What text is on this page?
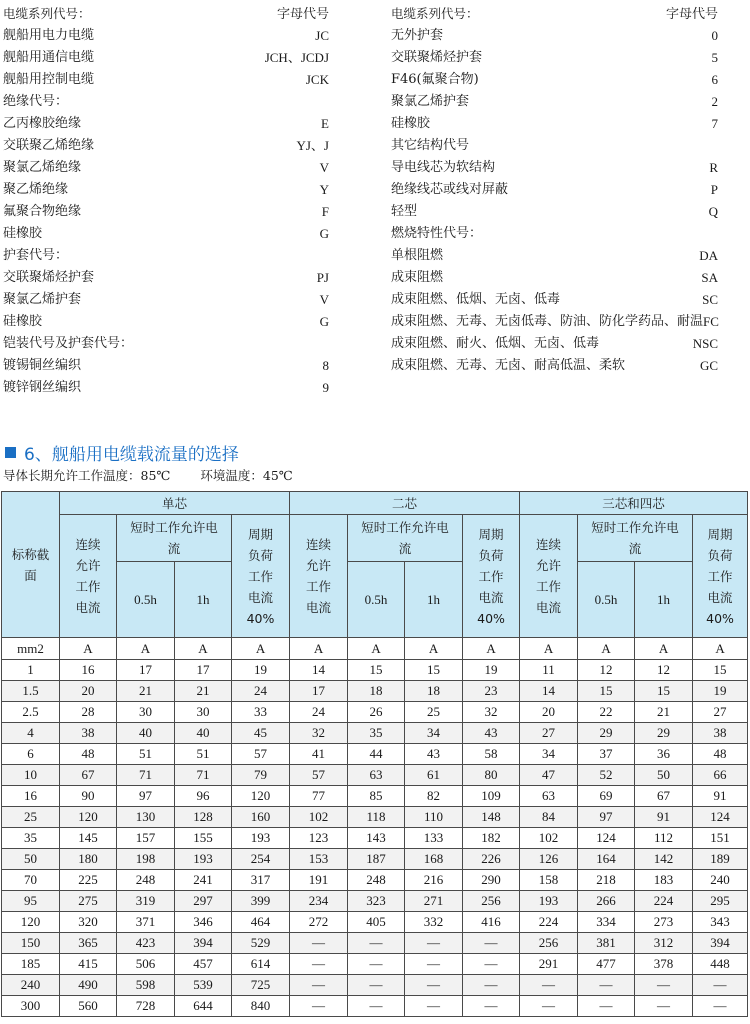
电缆系列代号：	字母代号
舰船用电力电缆	JC
舰船用通信电缆	JCH、JCDJ
舰船用控制电缆	JCK
绝缘代号：
乙丙橡胶绝缘	E
交联聚乙烯绝缘	YJ、J
聚氯乙烯绝缘	V
聚乙烯绝缘	Y
氟聚合物绝缘	F
硅橡胶	G
护套代号：
交联聚烯烃护套	PJ
聚氯乙烯护套	V
硅橡胶	G
铠装代号及护套代号：
镀锡铜丝编织	8
镀锌钢丝编织	9
电缆系列代号：	字母代号
无外护套	0
交联聚烯烃护套	5
F46(氟聚合物)	6
聚氯乙烯护套	2
硅橡胶	7
其它结构代号
导电线芯为软结构	R
绝缘线芯或线对屏蔽	P
轻型	Q
燃烧特性代号：
单根阻燃	DA
成束阻燃	SA
成束阻燃、低烟、无卤、低毒	SC
成束阻燃、无毒、无卤低毒、防油、防化学药品、耐温 FC
成束阻燃、耐火、低烟、无卤、低毒	NSC
成束阻燃、无毒、无卤、耐高低温、柔软	GC
6、舰船用电缆载流量的选择
导体长期允许工作温度：85℃ 环境温度：45℃
标称截面	单芯				二芯				三芯和四芯			
	连续允许工作电流	短时工作允许电流		周期负荷工作电流40%	连续允许工作电流	短时工作允许电流		周期负荷工作电流40%	连续允许工作电流	短时工作允许电流		周期负荷工作电流40%
		0.5h	1h			0.5h	1h			0.5h	1h	
mm2	A	A	A	A	A	A	A	A	A	A	A	A
1	16	17	17	19	14	15	15	19	11	12	12	15
1.5	20	21	21	24	17	18	18	23	14	15	15	19
2.5	28	30	30	33	24	26	25	32	20	22	21	27
4	38	40	40	45	32	35	34	43	27	29	29	38
6	48	51	51	57	41	44	43	58	34	37	36	48
10	67	71	71	79	57	63	61	80	47	52	50	66
16	90	97	96	120	77	85	82	109	63	69	67	91
25	120	130	128	160	102	118	110	148	84	97	91	124
35	145	157	155	193	123	143	133	182	102	124	112	151
50	180	198	193	254	153	187	168	226	126	164	142	189
70	225	248	241	317	191	248	216	290	158	218	183	240
95	275	319	297	399	234	323	271	256	193	266	224	295
120	320	371	346	464	272	405	332	416	224	334	273	343
150	365	423	394	529	—	—	—	—	256	381	312	394
185	415	506	457	614	—	—	—	—	291	477	378	448
240	490	598	539	725	—	—	—	—	—	—	—	—
300	560	728	644	840	—	—	—	—	—	—	—	—
